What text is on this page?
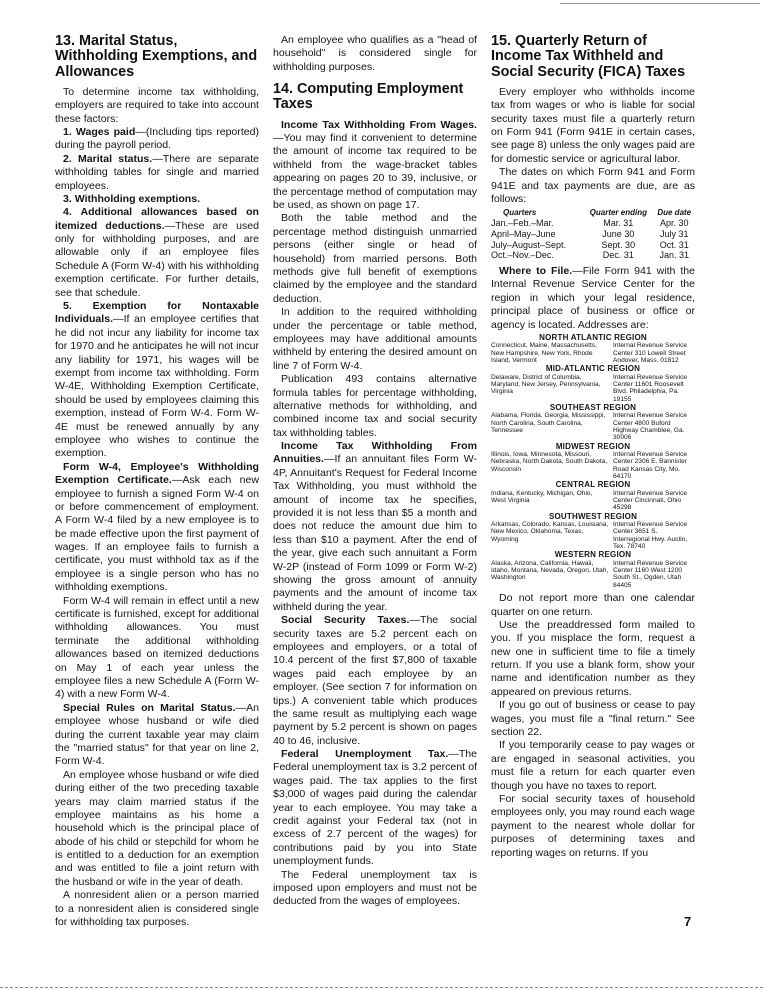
13. Marital Status, Withholding Exemptions, and Allowances

To determine income tax withholding, employers are required to take into account these factors:

1. Wages paid—(Including tips reported) during the payroll period.

2. Marital status.—There are separate withholding tables for single and married employees.

3. Withholding exemptions.

4. Additional allowances based on itemized deductions.—These are used only for withholding purposes, and are allowable only if an employee files Schedule A (Form W-4) with his withholding exemption certificate. For further details, see that schedule.

5. Exemption for Nontaxable Individuals.—If an employee certifies that he did not incur any liability for income tax for 1970 and he anticipates he will not incur any liability for 1971, his wages will be exempt from income tax withholding. Form W-4E, Withholding Exemption Certificate, should be used by employees claiming this exemption, instead of Form W-4. Form W-4E must be renewed annually by any employee who wishes to continue the exemption.

Form W-4, Employee's Withholding Exemption Certificate.—Ask each new employee to furnish a signed Form W-4 on or before commencement of employment. A Form W-4 filed by a new employee is to be made effective upon the first payment of wages. If an employee fails to furnish a certificate, you must withhold tax as if the employee is a single person who has no withholding exemptions.

Form W-4 will remain in effect until a new certificate is furnished, except for additional withholding allowances. You must terminate the additional withholding allowances based on itemized deductions on May 1 of each year unless the employee files a new Schedule A (Form W-4) with a new Form W-4.

Special Rules on Marital Status.—An employee whose husband or wife died during the current taxable year may claim the "married status" for that year on line 2, Form W-4.

An employee whose husband or wife died during either of the two preceding taxable years may claim married status if the employee maintains as his home a household which is the principal place of abode of his child or stepchild for whom he is entitled to a deduction for an exemption and was entitled to file a joint return with the husband or wife in the year of death.

A nonresident alien or a person married to a nonresident alien is considered single for withholding tax purposes.

An employee who qualifies as a "head of household" is considered single for withholding purposes.

14. Computing Employment Taxes

Income Tax Withholding From Wages.—You may find it convenient to determine the amount of income tax required to be withheld from the wage-bracket tables appearing on pages 20 to 39, inclusive, or the percentage method of computation may be used, as shown on page 17.

Both the table method and the percentage method distinguish unmarried persons (either single or head of household) from married persons. Both methods give full benefit of exemptions claimed by the employee and the standard deduction.

In addition to the required withholding under the percentage or table method, employees may have additional amounts withheld by entering the desired amount on line 7 of Form W-4.

Publication 493 contains alternative formula tables for percentage withholding, alternative methods for withholding, and combined income tax and social security tax withholding tables.

Income Tax Withholding From Annuities.—If an annuitant files Form W-4P, Annuitant's Request for Federal Income Tax Withholding, you must withhold the amount of income tax he specifies, provided it is not less than $5 a month and does not reduce the amount due him to less than $10 a payment. After the end of the year, give each such annuitant a Form W-2P (instead of Form 1099 or Form W-2) showing the gross amount of annuity payments and the amount of income tax withheld during the year.

Social Security Taxes.—The social security taxes are 5.2 percent each on employees and employers, or a total of 10.4 percent of the first $7,800 of taxable wages paid each employee by an employer. (See section 7 for information on tips.) A convenient table which produces the same result as multiplying each wage payment by 5.2 percent is shown on pages 40 to 46, inclusive.

Federal Unemployment Tax.—The Federal unemployment tax is 3.2 percent of wages paid. The tax applies to the first $3,000 of wages paid during the calendar year to each employee. You may take a credit against your Federal tax (not in excess of 2.7 percent of the wages) for contributions paid by you into State unemployment funds.

The Federal unemployment tax is imposed upon employers and must not be deducted from the wages of employees.

15. Quarterly Return of Income Tax Withheld and Social Security (FICA) Taxes

Every employer who withholds income tax from wages or who is liable for social security taxes must file a quarterly return on Form 941 (Form 941E in certain cases, see page 8) unless the only wages paid are for domestic service or agricultural labor.

The dates on which Form 941 and Form 941E and tax payments are due, are as follows:

Quarters	Quarter ending	Due date
Jan.–Feb.–Mar.	Mar. 31	Apr. 30
April–May–June	June 30	July 31
July–August–Sept.	Sept. 30	Oct. 31
Oct.–Nov.–Dec.	Dec. 31	Jan. 31

Where to File.—File Form 941 with the Internal Revenue Service Center for the region in which your legal residence, principal place of business or office or agency is located. Addresses are:

NORTH ATLANTIC REGION
Connecticut, Maine, Massachusetts, New Hampshire, New York, Rhode Island, Vermont
Internal Revenue Service Center 310 Lowell Street Andover, Mass. 01812
MID-ATLANTIC REGION
Delaware, District of Columbia, Maryland, New Jersey, Pennsylvania, Virginia
Internal Revenue Service Center 11601 Roosevelt Blvd. Philadelphia, Pa. 19155
SOUTHEAST REGION
Alabama, Florida, Georgia, Mississippi, North Carolina, South Carolina, Tennessee
Internal Revenue Service Center 4800 Buford Highway Chamblee, Ga. 30006
MIDWEST REGION
Illinois, Iowa, Minnesota, Missouri, Nebraska, North Dakota, South Dakota, Wisconsin
Internal Revenue Service Center 2306 E. Bannister Road Kansas City, Mo. 64170
CENTRAL REGION
Indiana, Kentucky, Michigan, Ohio, West Virginia
Internal Revenue Service Center Cincinnati, Ohio 45298
SOUTHWEST REGION
Arkansas, Colorado, Kansas, Louisiana, New Mexico, Oklahoma, Texas, Wyoming
Internal Revenue Service Center 3651 S. Interregional Hwy. Austin, Tex. 78740
WESTERN REGION
Alaska, Arizona, California, Hawaii, Idaho, Montana, Nevada, Oregon, Utah, Washington
Internal Revenue Service Center 1160 West 1200 South St., Ogden, Utah 84405

Do not report more than one calendar quarter on one return.

Use the preaddressed form mailed to you. If you misplace the form, request a new one in sufficient time to file a timely return. If you use a blank form, show your name and identification number as they appeared on previous returns.

If you go out of business or cease to pay wages, you must file a "final return." See section 22.

If you temporarily cease to pay wages or are engaged in seasonal activities, you must file a return for each quarter even though you have no taxes to report.

For social security taxes of household employees only, you may round each wage payment to the nearest whole dollar for purposes of determining taxes and reporting wages on returns. If you

7
